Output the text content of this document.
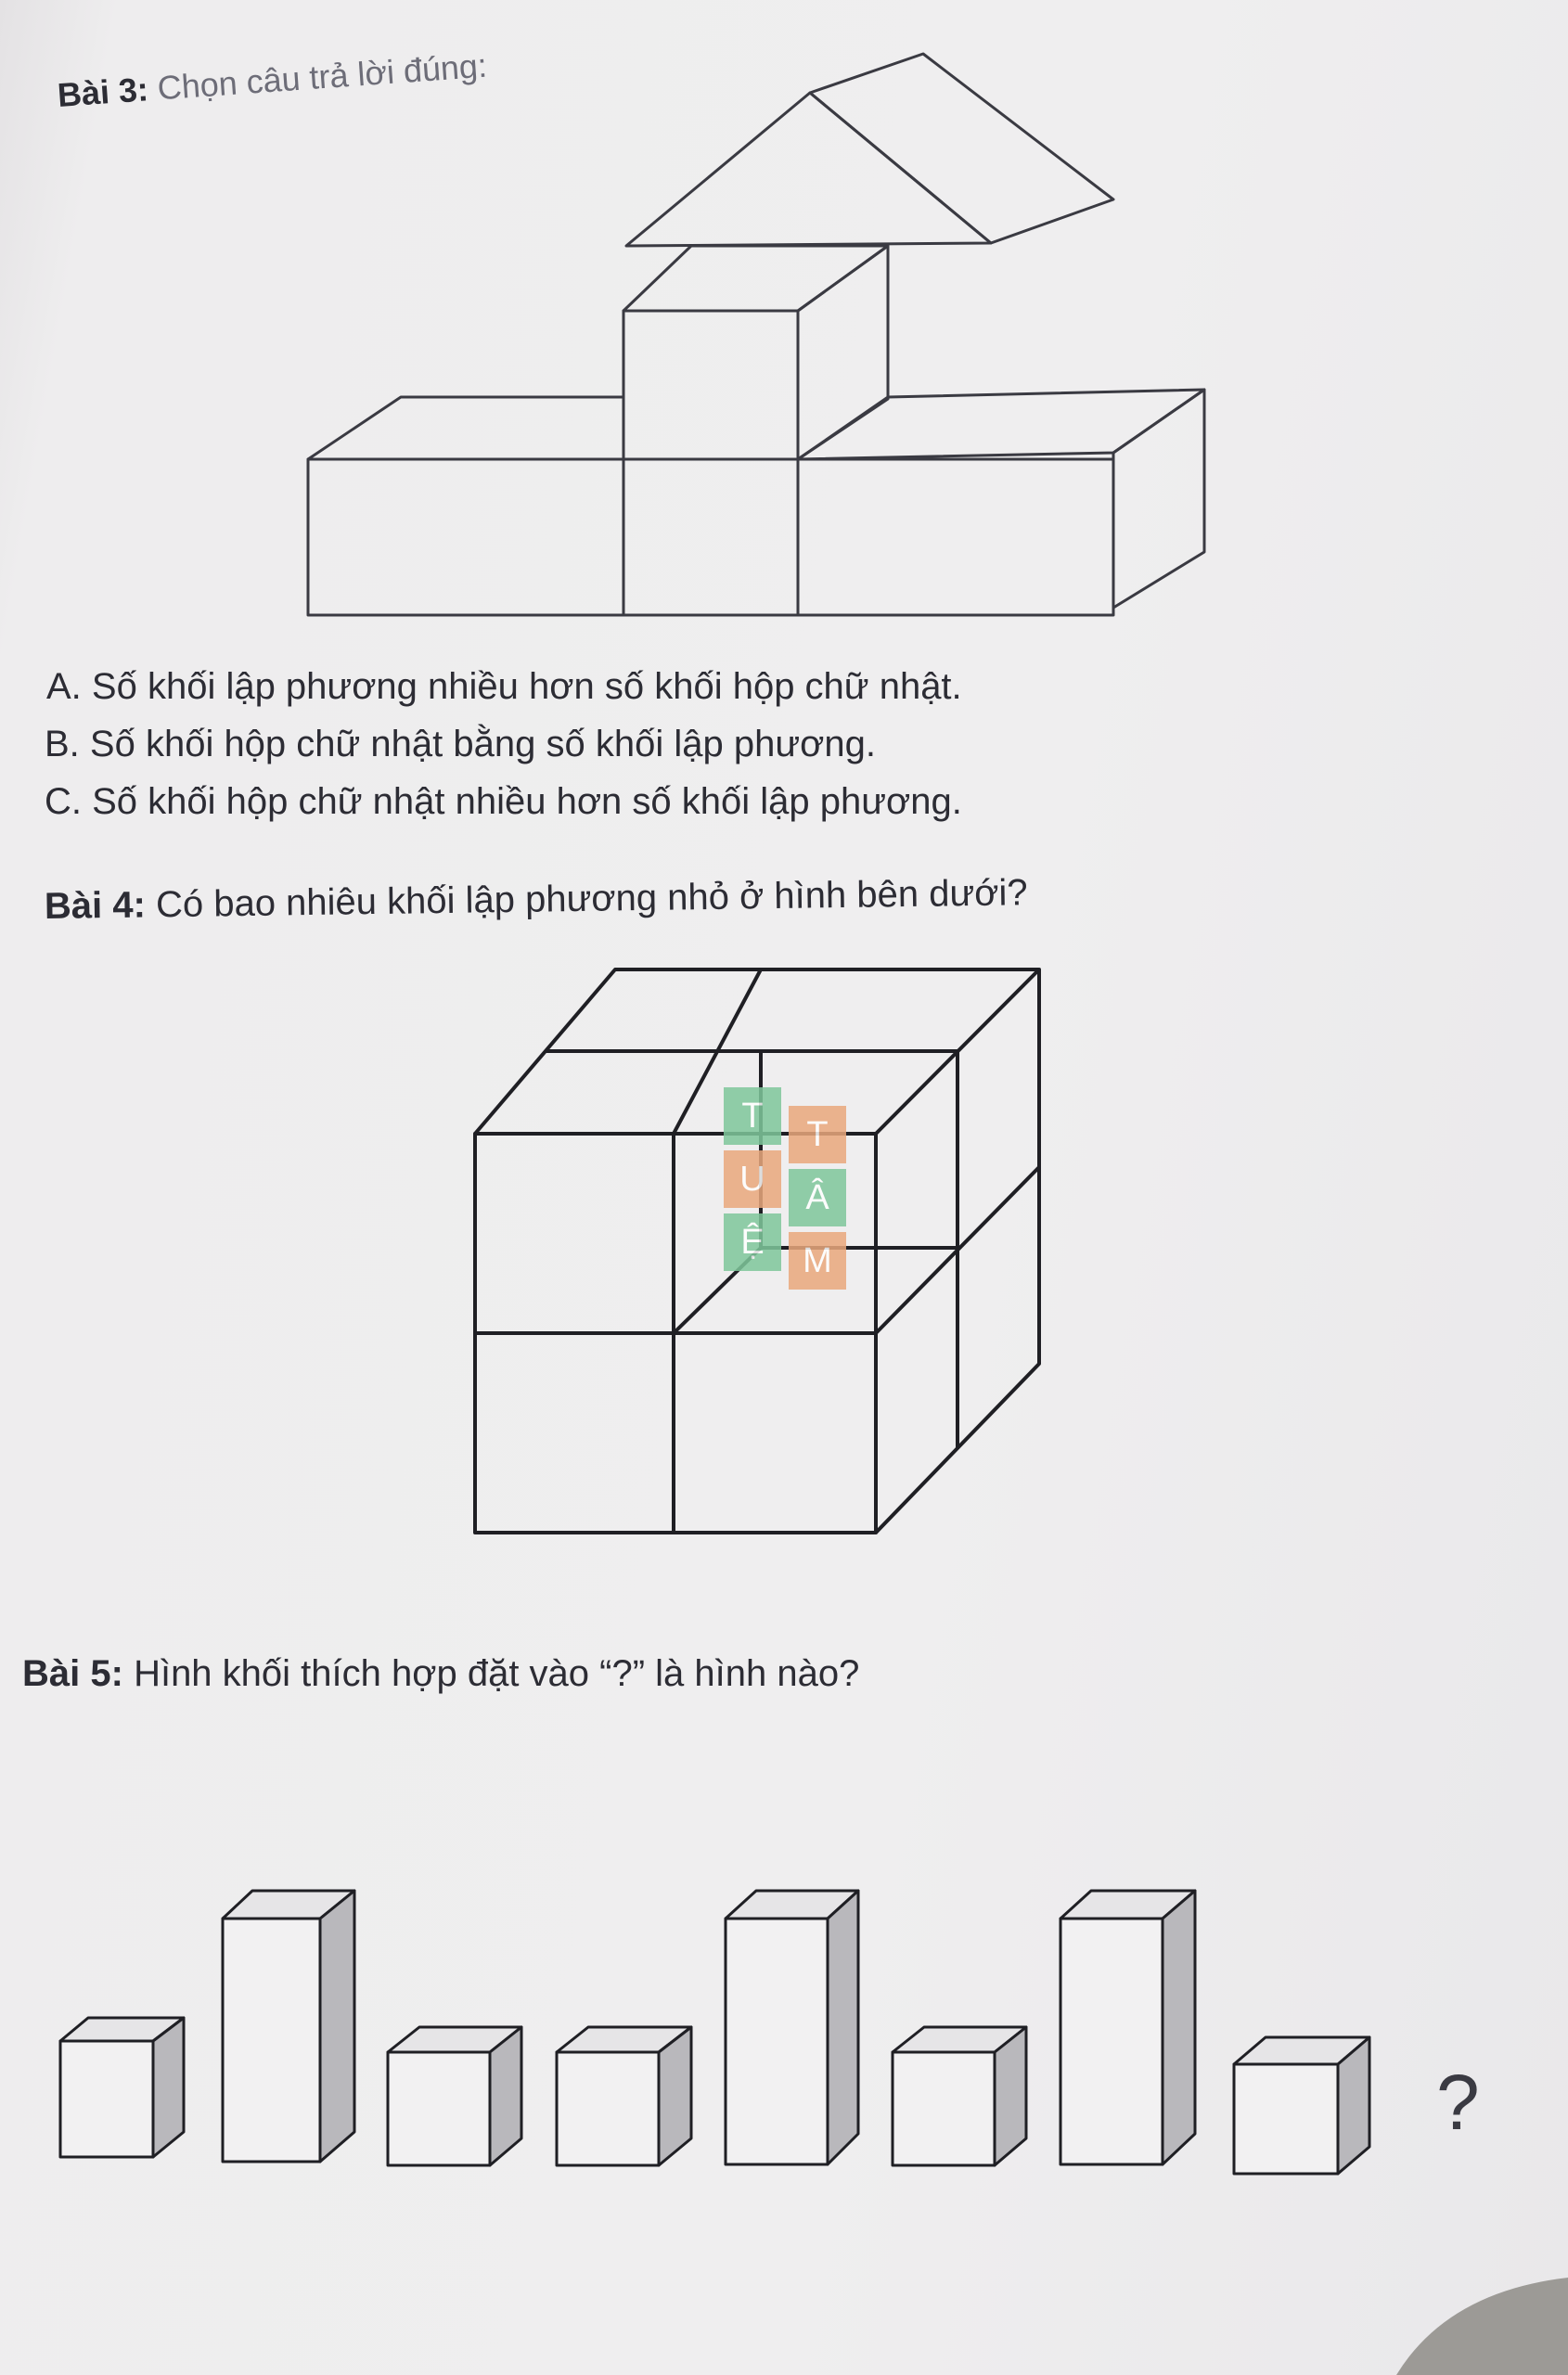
Bài 3: Chọn câu trả lời đúng:
A. Số khối lập phương nhiều hơn số khối hộp chữ nhật.
B. Số khối hộp chữ nhật bằng số khối lập phương.
C. Số khối hộp chữ nhật nhiều hơn số khối lập phương.
Bài 4: Có bao nhiêu khối lập phương nhỏ ở hình bên dưới?
T	T
U	Â
Ệ	M
Bài 5: Hình khối thích hợp đặt vào “?” là hình nào?
?
